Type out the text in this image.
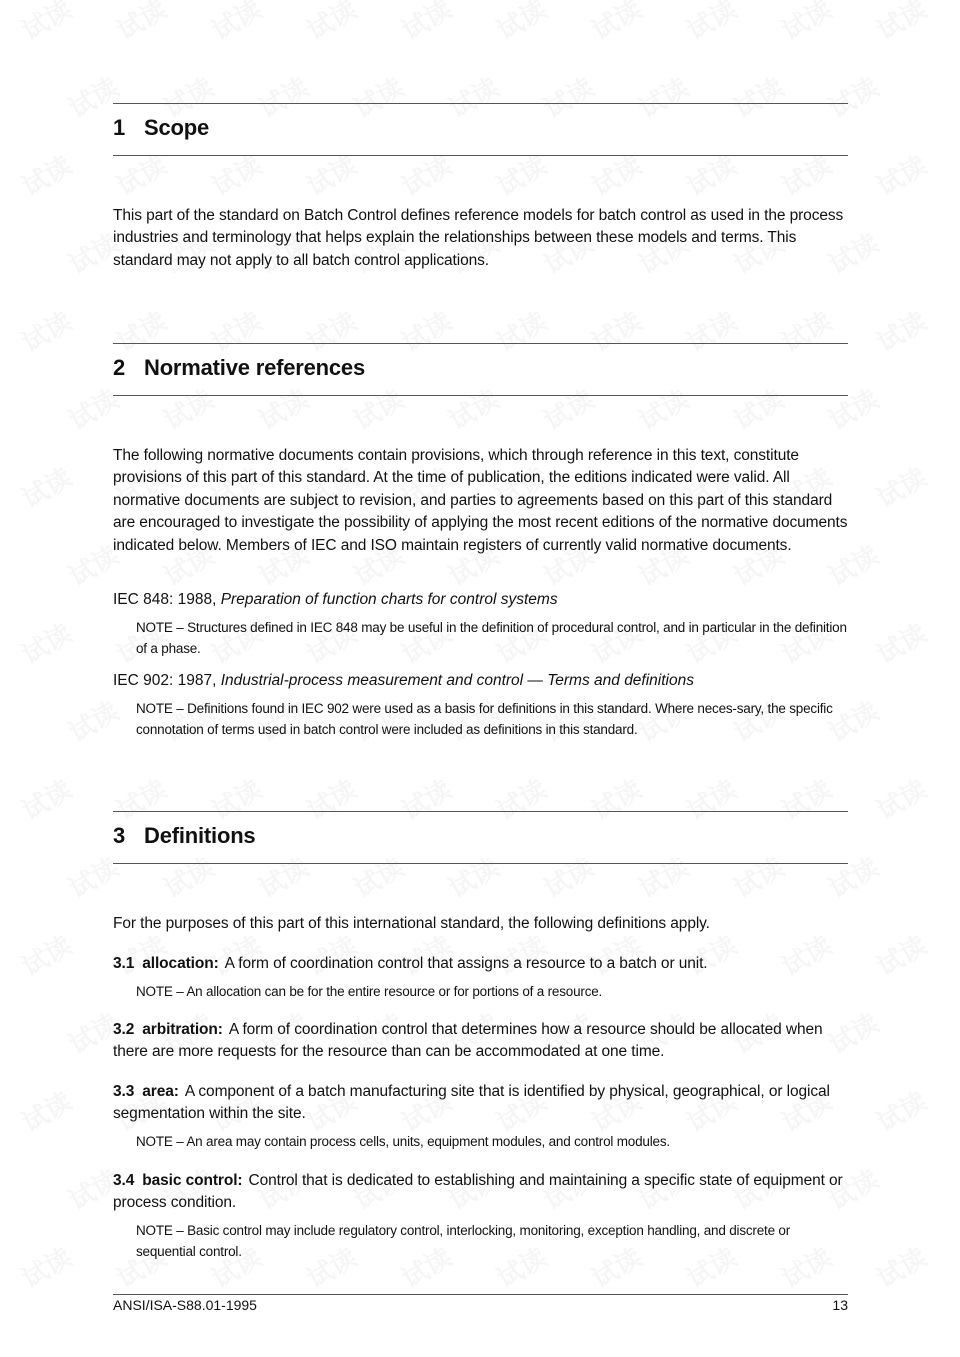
1 Scope
This part of the standard on Batch Control defines reference models for batch control as used in the process industries and terminology that helps explain the relationships between these models and terms. This standard may not apply to all batch control applications.
2 Normative references
The following normative documents contain provisions, which through reference in this text, constitute provisions of this part of this standard. At the time of publication, the editions indicated were valid. All normative documents are subject to revision, and parties to agreements based on this part of this standard are encouraged to investigate the possibility of applying the most recent editions of the normative documents indicated below. Members of IEC and ISO maintain registers of currently valid normative documents.
IEC 848: 1988, Preparation of function charts for control systems
NOTE – Structures defined in IEC 848 may be useful in the definition of procedural control, and in particular in the definition of a phase.
IEC 902: 1987, Industrial-process measurement and control — Terms and definitions
NOTE – Definitions found in IEC 902 were used as a basis for definitions in this standard. Where neces-sary, the specific connotation of terms used in batch control were included as definitions in this standard.
3 Definitions
For the purposes of this part of this international standard, the following definitions apply.
3.1 allocation: A form of coordination control that assigns a resource to a batch or unit.
NOTE – An allocation can be for the entire resource or for portions of a resource.
3.2 arbitration: A form of coordination control that determines how a resource should be allocated when there are more requests for the resource than can be accommodated at one time.
3.3 area: A component of a batch manufacturing site that is identified by physical, geographical, or logical segmentation within the site.
NOTE – An area may contain process cells, units, equipment modules, and control modules.
3.4 basic control: Control that is dedicated to establishing and maintaining a specific state of equipment or process condition.
NOTE – Basic control may include regulatory control, interlocking, monitoring, exception handling, and discrete or sequential control.
ANSI/ISA-S88.01-1995	13
